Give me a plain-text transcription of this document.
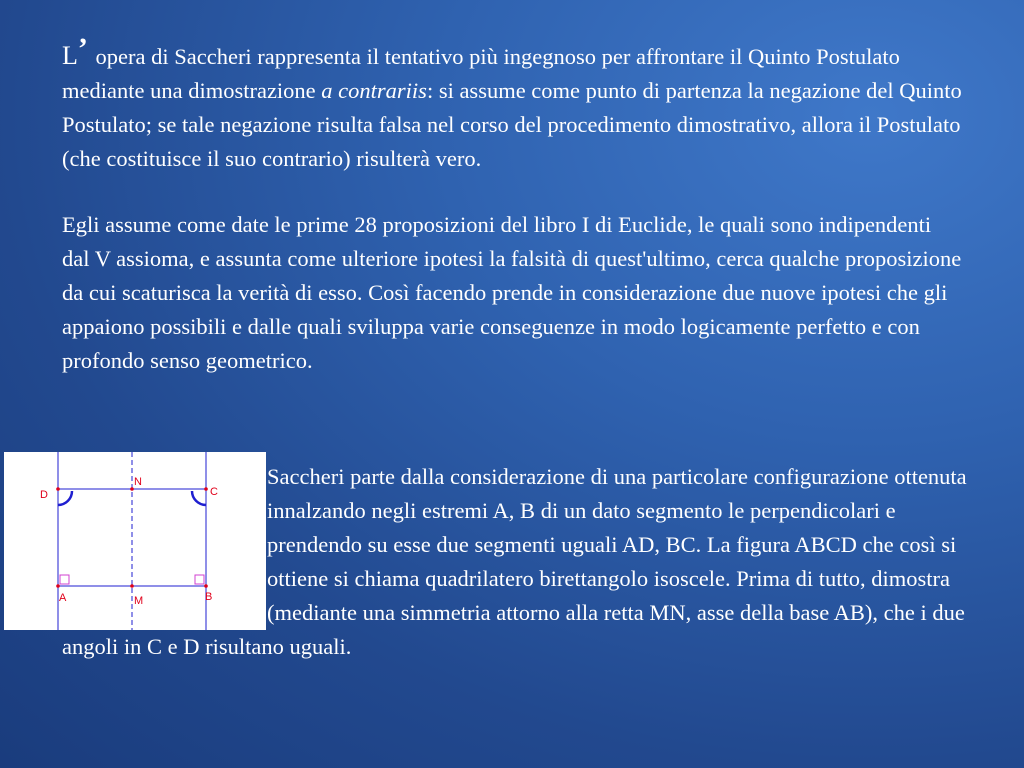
L’ opera di Saccheri rappresenta il tentativo più ingegnoso per affrontare il Quinto Postulato mediante una dimostrazione a contrariis: si assume come punto di partenza la negazione del Quinto Postulato; se tale negazione risulta falsa nel corso del procedimento dimostrativo, allora il Postulato (che costituisce il suo contrario) risulterà vero.

Egli assume come date le prime 28 proposizioni del libro I di Euclide, le quali sono indipendenti dal V assioma, e assunta come ulteriore ipotesi la falsità di quest'ultimo, cerca qualche proposizione da cui scaturisca la verità di esso. Così facendo prende in considerazione due nuove ipotesi che gli appaiono possibili e dalle quali sviluppa varie conseguenze in modo logicamente perfetto e con profondo senso geometrico.

D
N
C
A	M	B

Saccheri parte dalla considerazione di una particolare configurazione ottenuta innalzando negli estremi A, B di un dato segmento le perpendicolari e prendendo su esse due segmenti uguali AD, BC. La figura ABCD che così si ottiene si chiama quadrilatero birettangolo isoscele. Prima di tutto, dimostra (mediante una simmetria attorno alla retta MN, asse della base AB), che i due angoli in C e D risultano uguali.
